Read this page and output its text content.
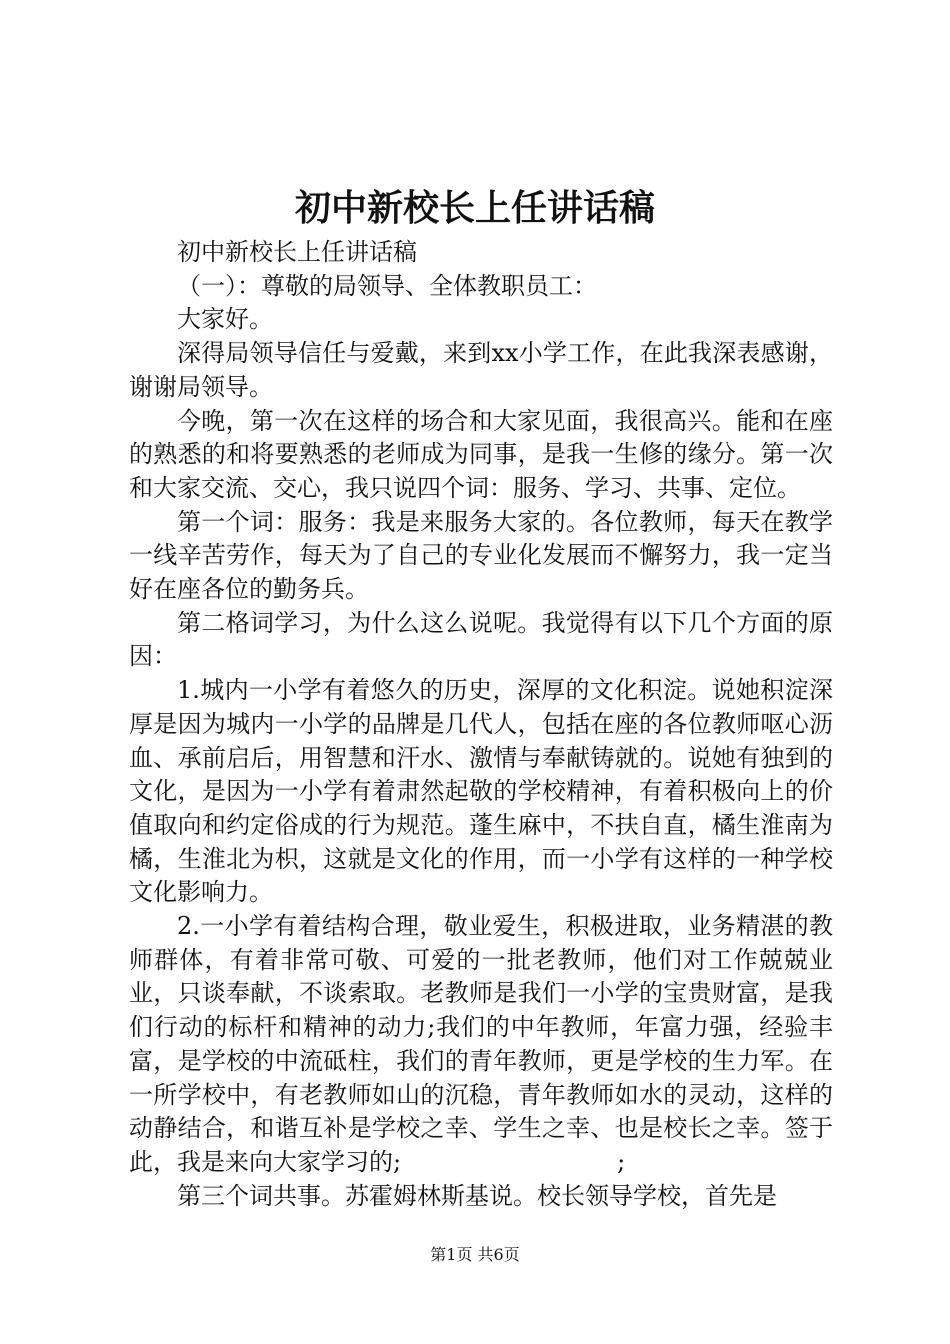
初中新校长上任讲话稿

初中新校长上任讲话稿

（一）：尊敬的局领导、全体教职员工：

大家好。

深得局领导信任与爱戴，来到xx小学工作，在此我深表感谢，谢谢局领导。

今晚，第一次在这样的场合和大家见面，我很高兴。能和在座的熟悉的和将要熟悉的老师成为同事，是我一生修的缘分。第一次和大家交流、交心，我只说四个词：服务、学习、共事、定位。

第一个词：服务：我是来服务大家的。各位教师，每天在教学一线辛苦劳作，每天为了自己的专业化发展而不懈努力，我一定当好在座各位的勤务兵。

第二格词学习，为什么这么说呢。我觉得有以下几个方面的原因：

1.城内一小学有着悠久的历史，深厚的文化积淀。说她积淀深厚是因为城内一小学的品牌是几代人，包括在座的各位教师呕心沥血、承前启后，用智慧和汗水、激情与奉献铸就的。说她有独到的文化，是因为一小学有着肃然起敬的学校精神，有着积极向上的价值取向和约定俗成的行为规范。蓬生麻中，不扶自直，橘生淮南为橘，生淮北为枳，这就是文化的作用，而一小学有这样的一种学校文化影响力。

2.一小学有着结构合理，敬业爱生，积极进取，业务精湛的教师群体，有着非常可敬、可爱的一批老教师，他们对工作兢兢业业，只谈奉献，不谈索取。老教师是我们一小学的宝贵财富，是我们行动的标杆和精神的动力;我们的中年教师，年富力强，经验丰富，是学校的中流砥柱，我们的青年教师，更是学校的生力军。在一所学校中，有老教师如山的沉稳，青年教师如水的灵动，这样的动静结合，和谐互补是学校之幸、学生之幸、也是校长之幸。签于此，我是来向大家学习的;　　　　　　　　　;

第三个词共事。苏霍姆林斯基说。校长领导学校，首先是

第1页 共6页
